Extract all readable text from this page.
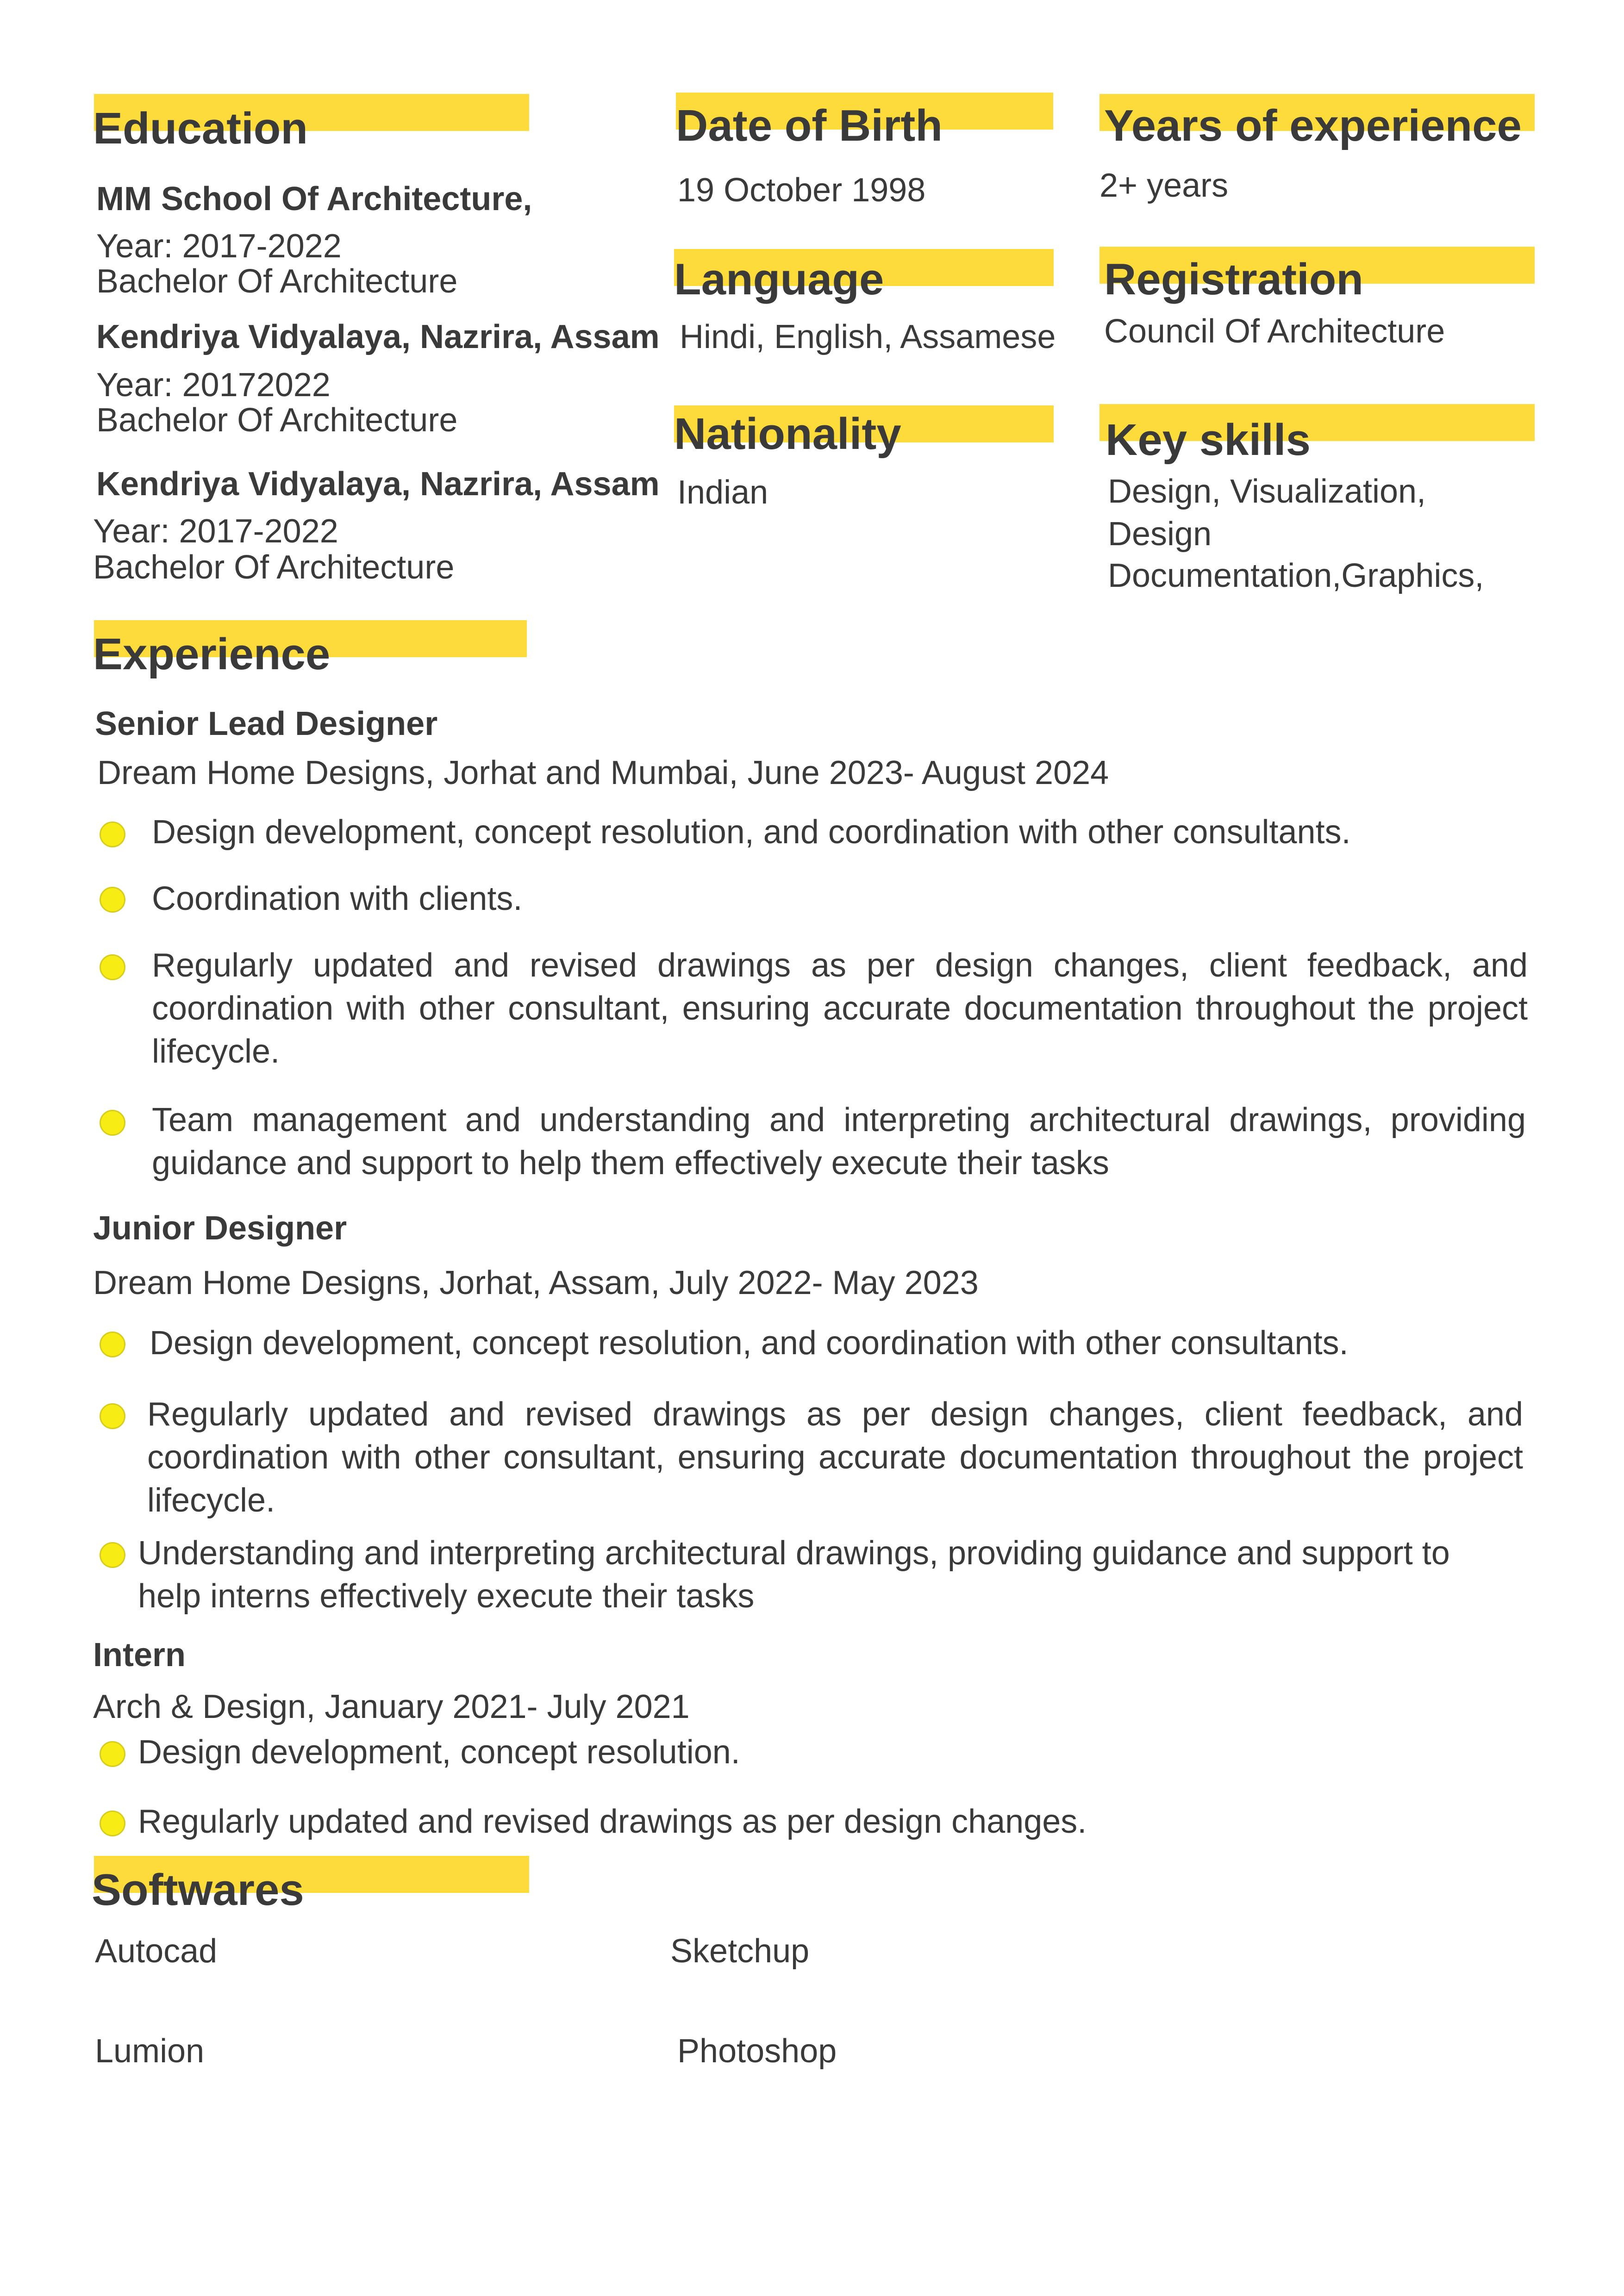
Education
MM School Of Architecture,
Year: 2017-2022
Bachelor Of Architecture
Kendriya Vidyalaya, Nazrira, Assam
Year: 20172022
Bachelor Of Architecture
Kendriya Vidyalaya, Nazrira, Assam
Year: 2017-2022
Bachelor Of Architecture
Date of Birth
19 October 1998
Language
Hindi, English, Assamese
Nationality
Indian
Years of experience
2+ years
Registration
Council Of Architecture
Key skills
Design, Visualization,
Design
Documentation,Graphics,
Experience
Senior Lead Designer
Dream Home Designs, Jorhat and Mumbai, June 2023- August 2024
Design development, concept resolution, and coordination with other consultants.
Coordination with clients.
Regularly updated and revised drawings as per design changes, client feedback, and coordination with other consultant, ensuring accurate documentation throughout the project lifecycle.
Team management and understanding and interpreting architectural drawings, providing guidance and support to help them effectively execute their tasks
Junior Designer
Dream Home Designs, Jorhat, Assam, July 2022- May 2023
Design development, concept resolution, and coordination with other consultants.
Regularly updated and revised drawings as per design changes, client feedback, and coordination with other consultant, ensuring accurate documentation throughout the project lifecycle.
Understanding and interpreting architectural drawings, providing guidance and support to help interns effectively execute their tasks
Intern
Arch & Design, January 2021- July 2021
Design development, concept resolution.
Regularly updated and revised drawings as per design changes.
Softwares
Autocad	Sketchup
Lumion	Photoshop
